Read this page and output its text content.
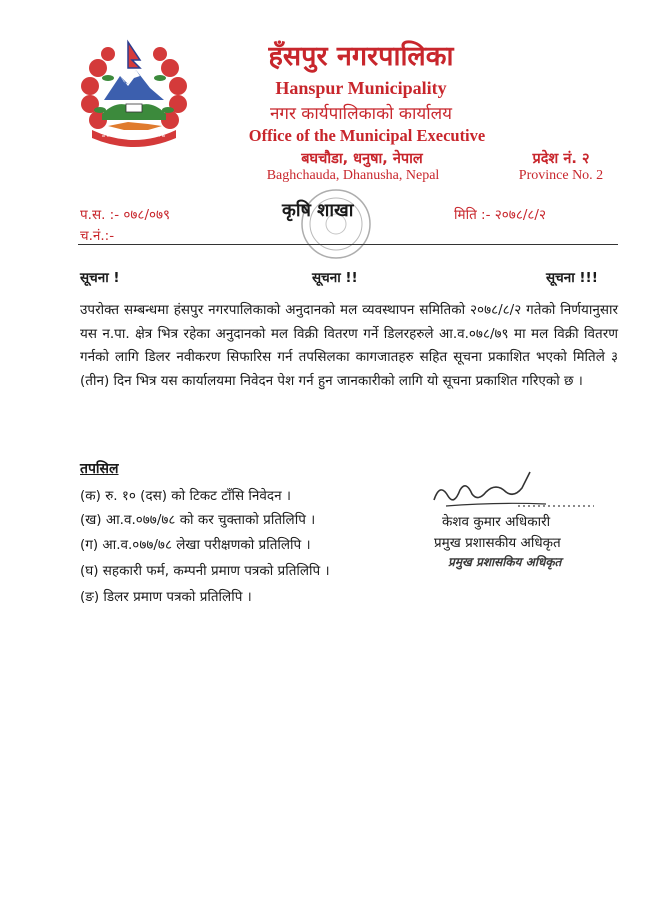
हँसपुर नगरपालिका
Hanspur Municipality
नगर कार्यपालिकाको कार्यालय
Office of the Municipal Executive
बघचौडा, धनुषा, नेपाल
Baghchauda, Dhanusha, Nepal
प्रदेश नं. २
Province No. 2
प.स. :- ०७८/०७९
च.नं.:-
कृषि शाखा	मिति :- २०७८/८/२
सूचना !	सूचना !!	सूचना !!!
उपरोक्त सम्बन्धमा हंसपुर नगरपालिकाको अनुदानको मल व्यवस्थापन समितिको २०७८/८/२ गतेको निर्णयानुसार यस न.पा. क्षेत्र भित्र रहेका अनुदानको मल विक्री वितरण गर्ने डिलरहरुले आ.व.०७८/७९ मा मल विक्री वितरण गर्नको लागि डिलर नवीकरण सिफारिस गर्न तपसिलका कागजातहरु सहित सूचना प्रकाशित भएको मितिले ३ (तीन) दिन भित्र यस कार्यालयमा निवेदन पेश गर्न हुन जानकारीको लागि यो सूचना प्रकाशित गरिएको छ ।
तपसिल
(क) रु. १० (दस) को टिकट टाँसि निवेदन ।
(ख) आ.व.०७७/७८ को कर चुक्ताको प्रतिलिपि ।
(ग) आ.व.०७७/७८ लेखा परीक्षणको प्रतिलिपि ।
(घ) सहकारी फर्म, कम्पनी प्रमाण पत्रको प्रतिलिपि ।
(ङ) डिलर प्रमाण पत्रको प्रतिलिपि ।
केशव कुमार अधिकारी
प्रमुख प्रशासकीय अधिकृत
प्रमुख प्रशासकिय अधिकृत
